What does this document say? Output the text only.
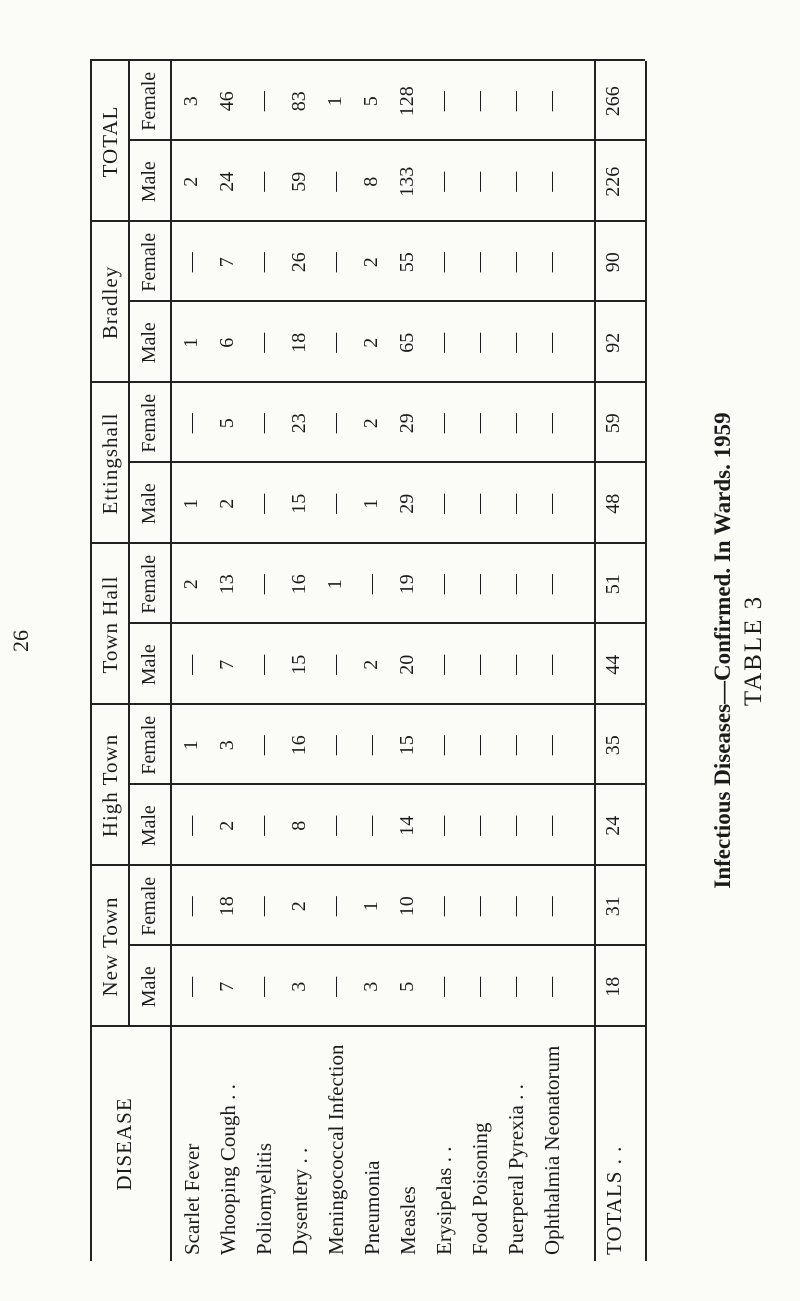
TABLE 3
Infectious Diseases—Confirmed. In Wards. 1959
26
DISEASE
New Town
High Town
Town Hall
Ettingshall
Bradley
TOTAL
Male
Female
Male
Female
Male
Female
Male
Female
Male
Female
Male
Female
Scarlet Fever
—
—
—
1
—
2
1
—
1
—
2
3
Whooping Cough . .
7
18
2
3
7
13
2
5
6
7
24
46
Poliomyelitis
—
—
—
—
—
—
—
—
—
—
—
—
Dysentery . .
3
2
8
16
15
16
15
23
18
26
59
83
Meningococcal Infection
—
—
—
—
—
1
—
—
—
—
—
1
Pneumonia
3
1
—
—
2
—
1
2
2
2
8
5
Measles
5
10
14
15
20
19
29
29
65
55
133
128
Erysipelas . .
—
—
—
—
—
—
—
—
—
—
—
—
Food Poisoning
—
—
—
—
—
—
—
—
—
—
—
—
Puerperal Pyrexia . .
—
—
—
—
—
—
—
—
—
—
—
—
Ophthalmia Neonatorum
—
—
—
—
—
—
—
—
—
—
—
—
TOTALS . .
18
31
24
35
44
51
48
59
92
90
226
266
